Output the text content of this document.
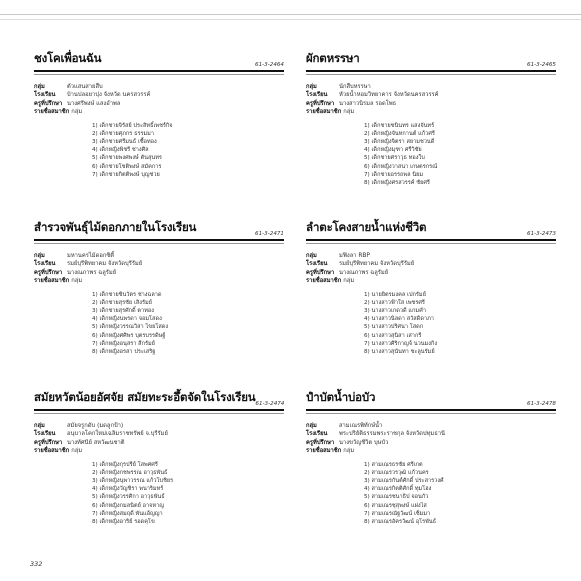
ชงโคเพื่อนฉัน	61-3-2464
กลุ่ม	ตัวแสนสายสืบ
โรงเรียน	บ้านปลอยาปุง จังหวัด นครสวรรค์
ครูที่ปรึกษา นางศรีพงษ์ แสงอำพล
รายชื่อสมาชิก กลุ่ม
1) เด็กชายจิรัสย์ ประสิทธิ์เพชร์กิจ
2) เด็กชายศุภกร ธรรมมา
3) เด็กชายศรีมนธ์ เชื้อทอง
4) เด็กหญิงพิชรี ช่างศิล
5) เด็กชายพงศพงษ์ ตันสุนทร
6) เด็กชายโชติพงษ์ สมัคการ
7) เด็กชายกิตติพงษ์ บุญช่วย
สำรวจพันธุ์ไม้ดอกภายในโรงเรียน	61-3-2471
กลุ่ม	มหานครไม้ดอกซิตี้
โรงเรียน	รมย์บุรีพิทยาคม จังหวัดบุรีรัมย์
ครูที่ปรึกษา นางณภาพร ฉลูรัมย์
รายชื่อสมาชิก กลุ่ม
1) เด็กชายชินวัตร ช่างฉลาด
2) เด็กชายสุรชัย เสิงรัมย์
3) เด็กชายสุรศักดิ์ ตาทอง
4) เด็กหญิงนพรดา จอมโสดง
5) เด็กหญิงวรรณวิสา ไขยโสดง
6) เด็กหญิงศศิพร บุตรบรรดิษฐ์
7) เด็กหญิงอนุสรา สีกรัมย์
8) เด็กหญิงอรสา ประเสริฐ
สมัยหวัตน้อยอัศจัย สมัยทะระอึ้ตจัดในโรงเรียน 61-3-2474
กลุ่ม	สมัยจรูกดับ (มดลูกป้า)
โรงเรียน	อนุบาลโคกใหม่เฉลิมราชทรัพย์ จ.บุรีรัมย์
ครูที่ปรึกษา นางทัศนีย์ สหวัฒนชาติ
รายชื่อสมาชิก กลุ่ม
1) เด็กหญิงกุรปรีย์ โสพศศรี
2) เด็กหญิงกชพรรณ อาวุธพันธ์
3) เด็กหญิงนุพาวรรณ แก้วโบชิยร
4) เด็กหญิงวัญชิรา พนาริมทร์
5) เด็กหญิงวรรศิกา อาวุธพันธ์
6) เด็กหญิงกมลนิตย์ อาจหาญ
7) เด็กหญิงสมฤดี พันแอ้ญญา
8) เด็กหญิงอาริย์ รอดคุโข
ผักตหรรษา	61-3-2465
กลุ่ม	นักสืบหรรษา
โรงเรียน	หัวยน้ำหอมวิทยาคาร จังหวัดนครสวรรค์
ครูที่ปรึกษา นางสาวนิรมล รอดโพธ
รายชื่อสมาชิก กลุ่ม
1) เด็กชายชนินทร แสงจันทร์
2) เด็กหญิงจันทกานต์ แก้วศรี
3) เด็กหญิงจิตรา สยามชวนดี
4) เด็กหญิงมุฑา ศรีวิชัย
5) เด็กชายศราวุธ ทองใบ
6) เด็กหญิงวาสนา เกษตรกรณ์
7) เด็กชายอรรถพล นิยม
8) เด็กหญิงศรสวรรค์ ชัยศรี
ลำตะโคงสายน้ำแห่งชีวิต	61-3-2473
กลุ่ม	มฟิงลา RBP
โรงเรียน	รมย์บุรีพิทยาคม จังหวัดบุรีรัมย์
ครูที่ปรึกษา นางณภาพร ฉลูรัมย์
รายชื่อสมาชิก กลุ่ม
1) นายยิตรมงคล เปกรัมย์
2) นางสาวฟ้าใส เพชรศรี
3) นางสาวเกดวดี แกมคำ
4) นางสาวนิลดา สวัสดิดาภา
5) นางสาวปริศนา โสดก
6) นางสาวสุนิสา เสากรี
7) นางสาวศิริกาญจ์ นวนมงกิง
8) นางสาวสุนันทา ชะลูนรัมย์
ปำบัตน้ำบ่อบัว	61-3-2478
กลุ่ม	สามเณรพิทักษ์น้ำ
โรงเรียน	พระปริยัติธรรมพระราชกุล จังหวัดปทุมธานี
ครูที่ปรึกษา นางขวัญชีวิต บุษบัว
รายชื่อสมาชิก กลุ่ม
1) สามเณรธรชัย ศรีเกต
2) สามเณรวรวุฒิ แก้วนคร
3) สามเณรกันต์ศักดิ์ ประสารวงศ์
4) สามเณรกิตติศักดิ์ ทุมโฮง
5) สามเณรชนาธิป จอนกัว
6) สามเณรชุสุพงษ์ แฝงไส
7) สามเณรณัฐวัฒน์ เซ็มมา
8) สามเณรอัครวัฒน์ อุโรพันธ์
332
